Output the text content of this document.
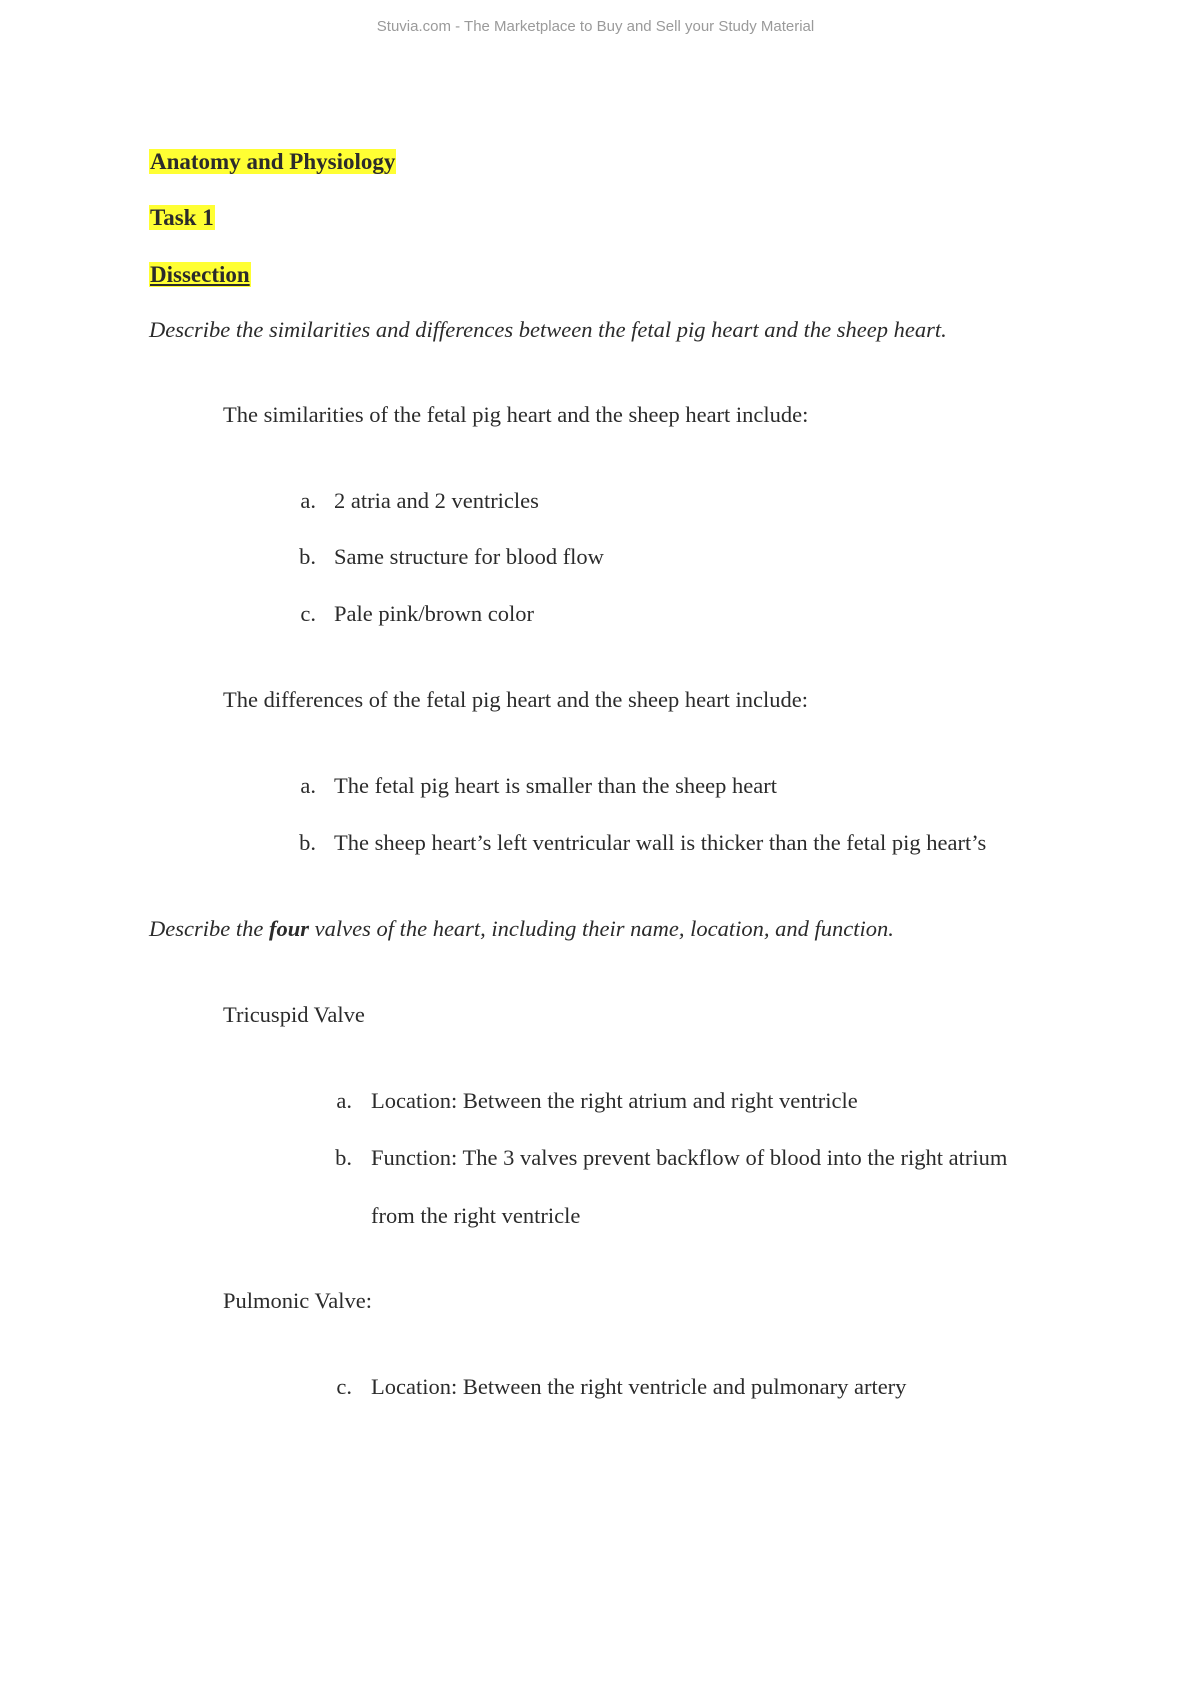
Stuvia.com - The Marketplace to Buy and Sell your Study Material
Anatomy and Physiology
Task 1
Dissection
Describe the similarities and differences between the fetal pig heart and the sheep heart.
The similarities of the fetal pig heart and the sheep heart include:
a. 2 atria and 2 ventricles
b. Same structure for blood flow
c. Pale pink/brown color
The differences of the fetal pig heart and the sheep heart include:
a. The fetal pig heart is smaller than the sheep heart
b. The sheep heart’s left ventricular wall is thicker than the fetal pig heart’s
Describe the four valves of the heart, including their name, location, and function.
Tricuspid Valve
a. Location: Between the right atrium and right ventricle
b. Function: The 3 valves prevent backflow of blood into the right atrium
from the right ventricle
Pulmonic Valve:
c. Location: Between the right ventricle and pulmonary artery
